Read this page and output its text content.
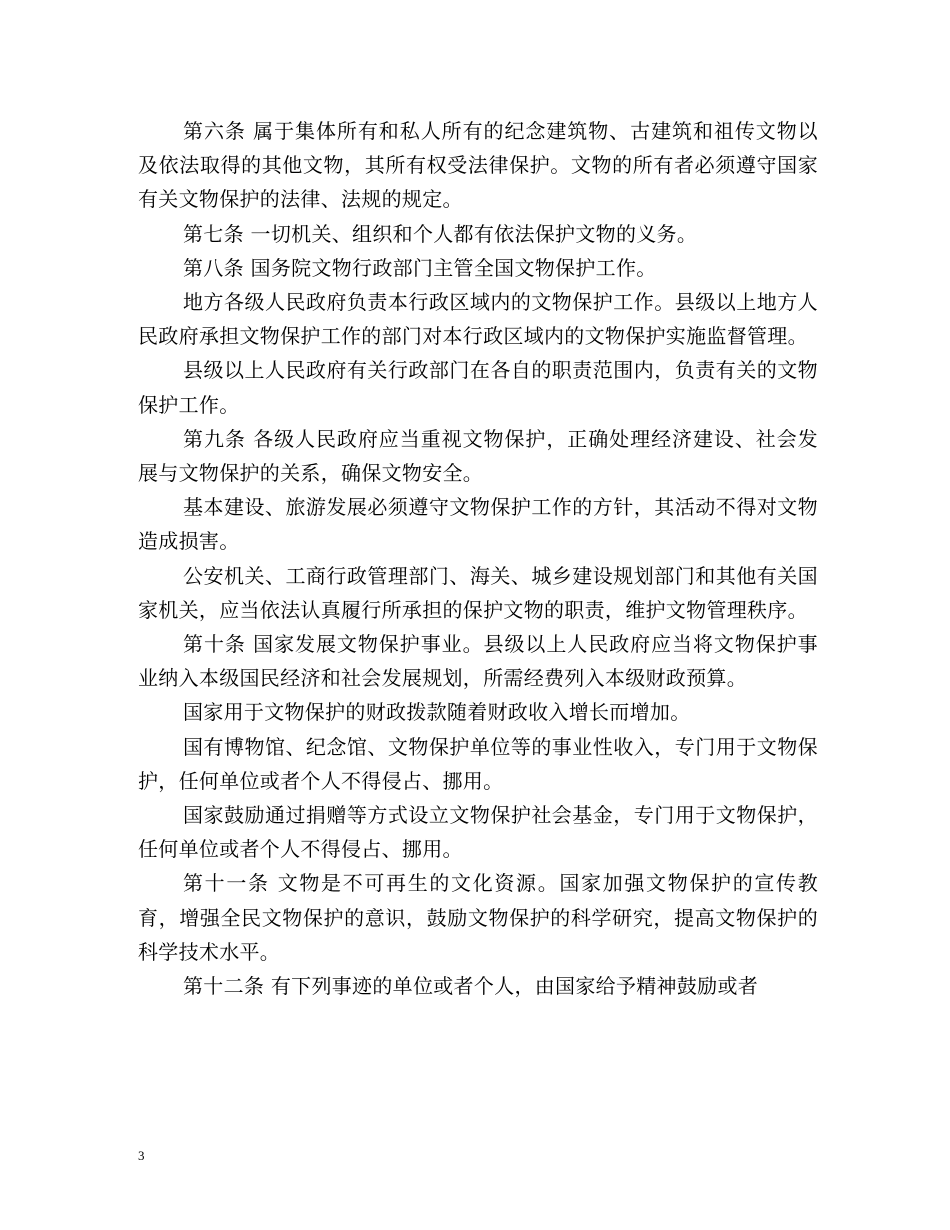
第六条 属于集体所有和私人所有的纪念建筑物、古建筑和祖传文物以及依法取得的其他文物，其所有权受法律保护。文物的所有者必须遵守国家有关文物保护的法律、法规的规定。

第七条 一切机关、组织和个人都有依法保护文物的义务。

第八条 国务院文物行政部门主管全国文物保护工作。

地方各级人民政府负责本行政区域内的文物保护工作。县级以上地方人民政府承担文物保护工作的部门对本行政区域内的文物保护实施监督管理。

县级以上人民政府有关行政部门在各自的职责范围内，负责有关的文物保护工作。

第九条 各级人民政府应当重视文物保护，正确处理经济建设、社会发展与文物保护的关系，确保文物安全。

基本建设、旅游发展必须遵守文物保护工作的方针，其活动不得对文物造成损害。

公安机关、工商行政管理部门、海关、城乡建设规划部门和其他有关国家机关，应当依法认真履行所承担的保护文物的职责，维护文物管理秩序。

第十条 国家发展文物保护事业。县级以上人民政府应当将文物保护事业纳入本级国民经济和社会发展规划，所需经费列入本级财政预算。

国家用于文物保护的财政拨款随着财政收入增长而增加。

国有博物馆、纪念馆、文物保护单位等的事业性收入，专门用于文物保护，任何单位或者个人不得侵占、挪用。

国家鼓励通过捐赠等方式设立文物保护社会基金，专门用于文物保护，任何单位或者个人不得侵占、挪用。

第十一条 文物是不可再生的文化资源。国家加强文物保护的宣传教育，增强全民文物保护的意识，鼓励文物保护的科学研究，提高文物保护的科学技术水平。

第十二条 有下列事迹的单位或者个人，由国家给予精神鼓励或者

3
